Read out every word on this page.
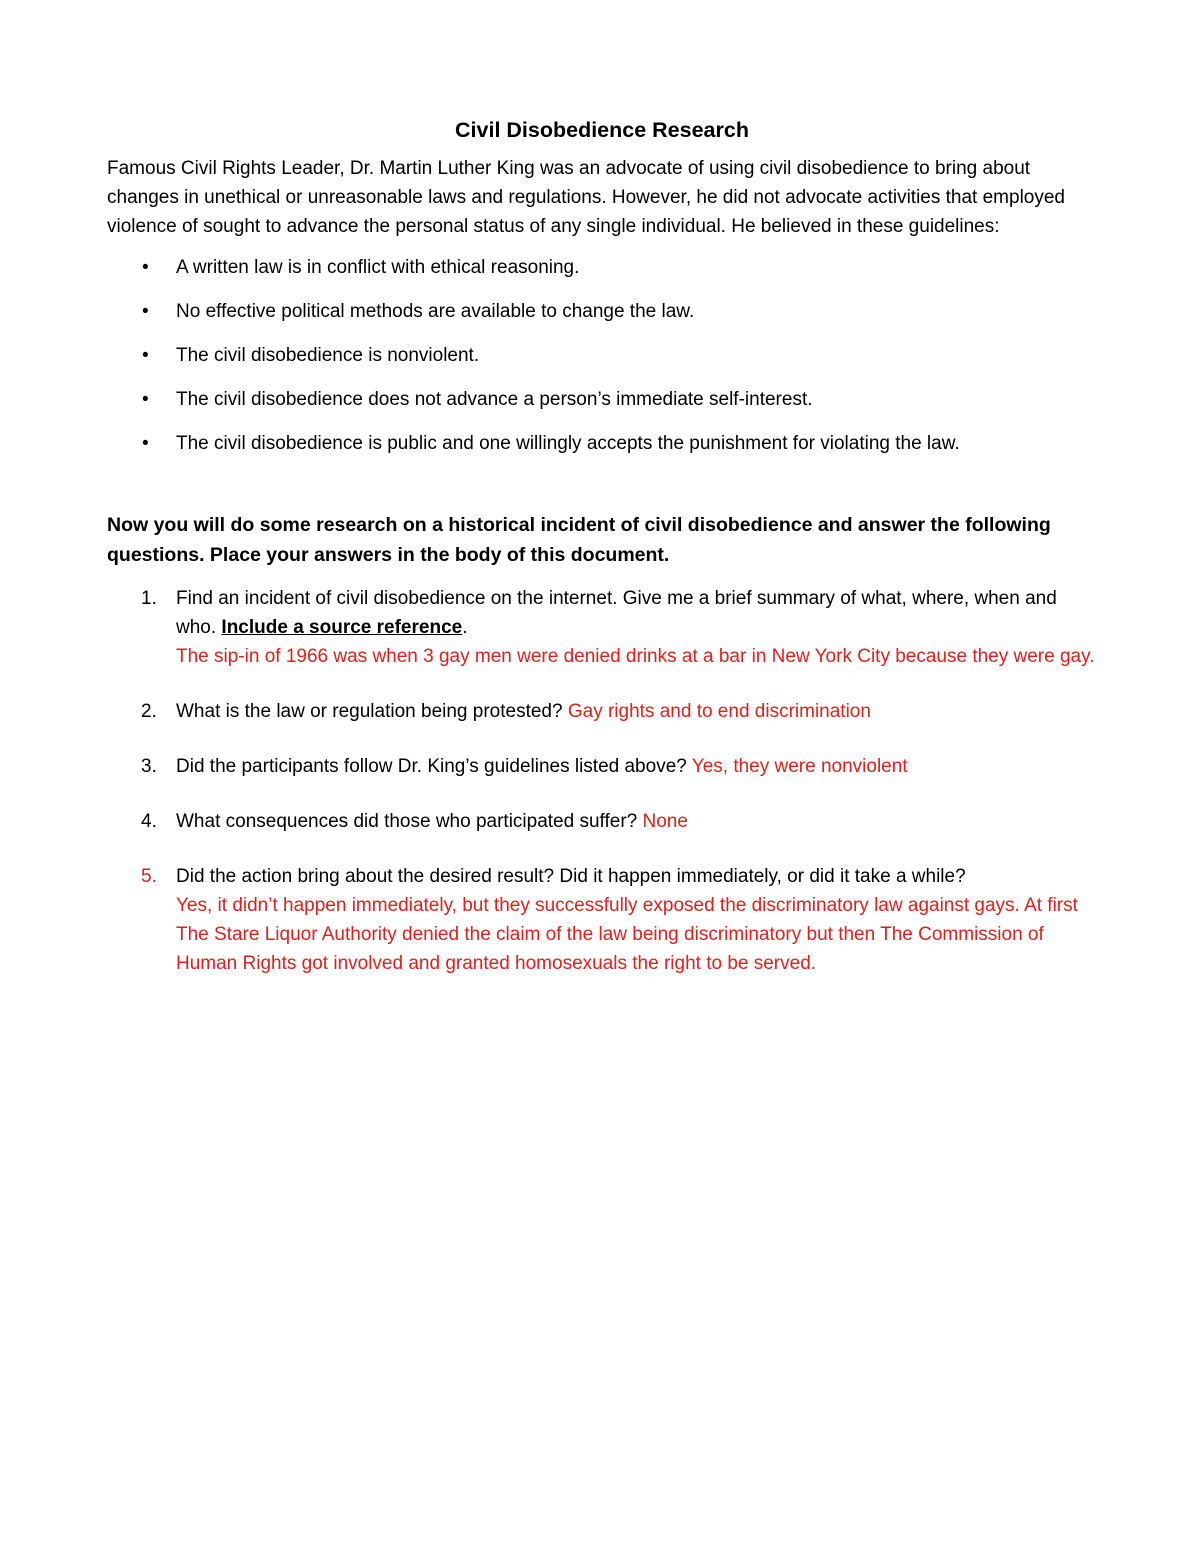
Civil Disobedience Research

Famous Civil Rights Leader, Dr. Martin Luther King was an advocate of using civil disobedience to bring about changes in unethical or unreasonable laws and regulations. However, he did not advocate activities that employed violence of sought to advance the personal status of any single individual. He believed in these guidelines:

• A written law is in conflict with ethical reasoning.
• No effective political methods are available to change the law.
• The civil disobedience is nonviolent.
• The civil disobedience does not advance a person’s immediate self-interest.
• The civil disobedience is public and one willingly accepts the punishment for violating the law.

Now you will do some research on a historical incident of civil disobedience and answer the following questions. Place your answers in the body of this document.

1. Find an incident of civil disobedience on the internet. Give me a brief summary of what, where, when and who. Include a source reference.
The sip-in of 1966 was when 3 gay men were denied drinks at a bar in New York City because they were gay.
2. What is the law or regulation being protested? Gay rights and to end discrimination
3. Did the participants follow Dr. King’s guidelines listed above? Yes, they were nonviolent
4. What consequences did those who participated suffer? None
5. Did the action bring about the desired result? Did it happen immediately, or did it take a while?
Yes, it didn’t happen immediately, but they successfully exposed the discriminatory law against gays. At first The Stare Liquor Authority denied the claim of the law being discriminatory but then The Commission of Human Rights got involved and granted homosexuals the right to be served.
